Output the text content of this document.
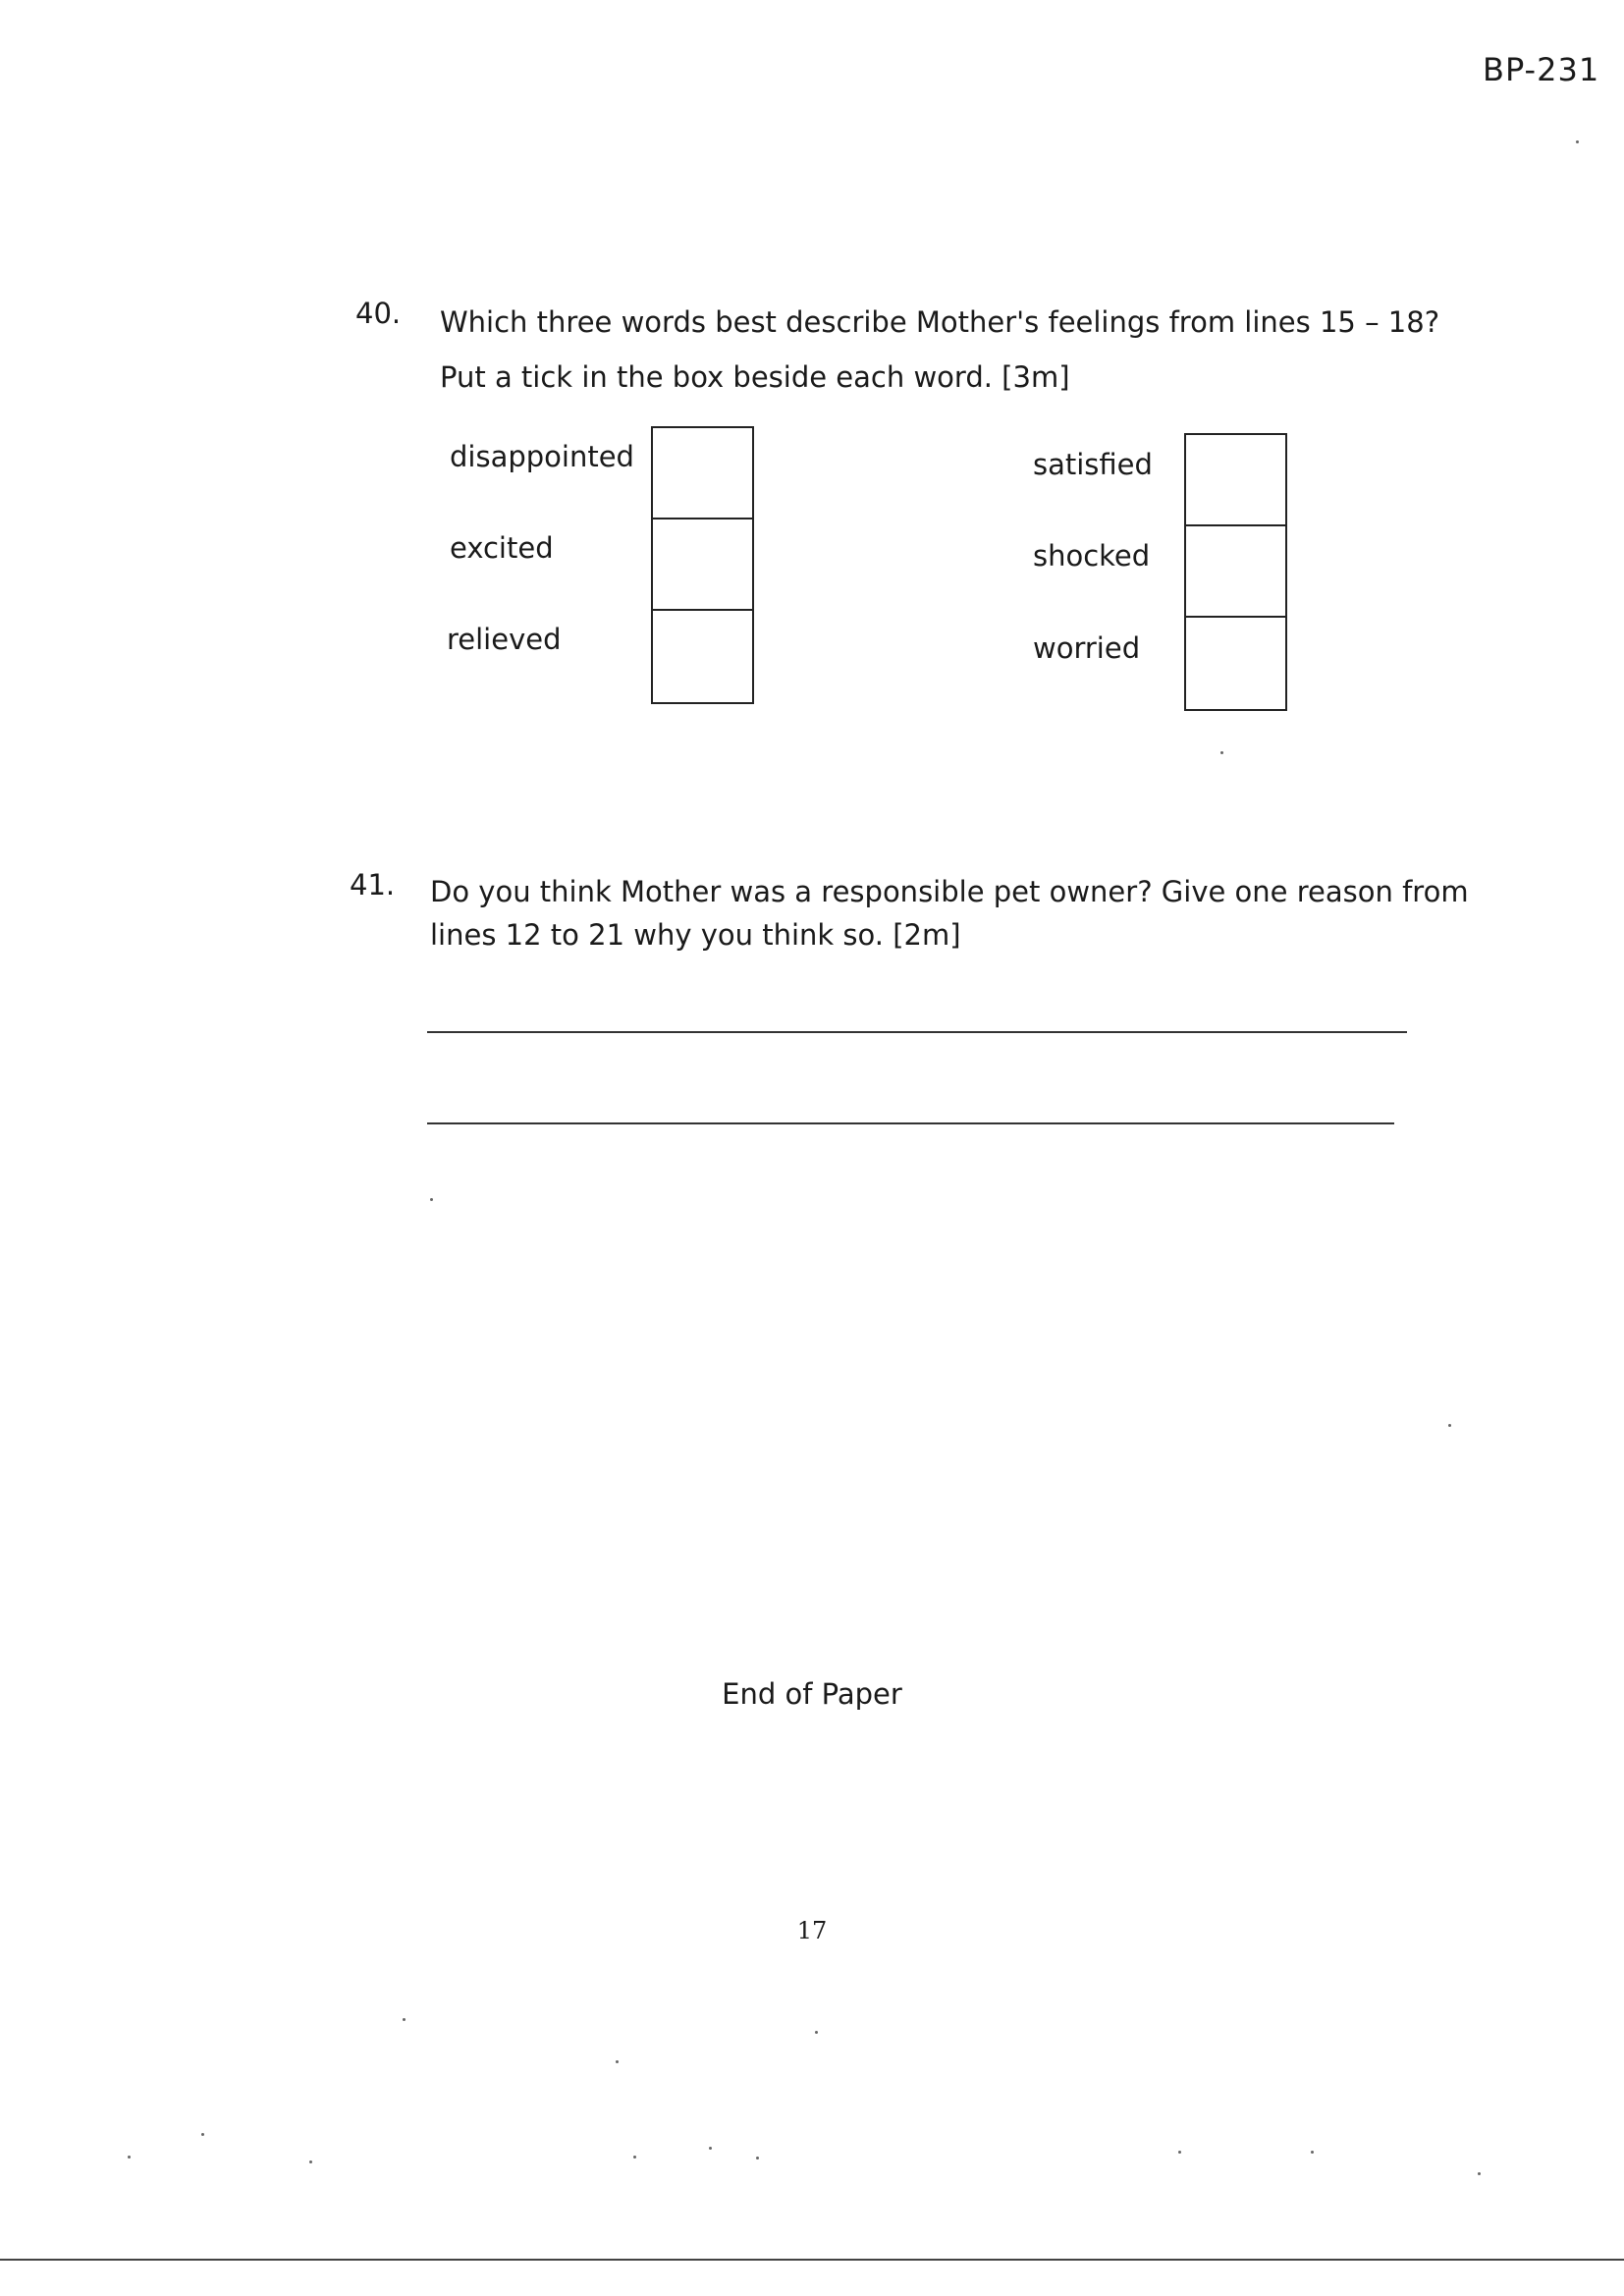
BP-231
40. Which three words best describe Mother's feelings from lines 15 – 18?
Put a tick in the box beside each word. [3m]
disappointed
excited
relieved
satisfied
shocked
worried
41. Do you think Mother was a responsible pet owner? Give one reason from
lines 12 to 21 why you think so. [2m]
End of Paper
17
